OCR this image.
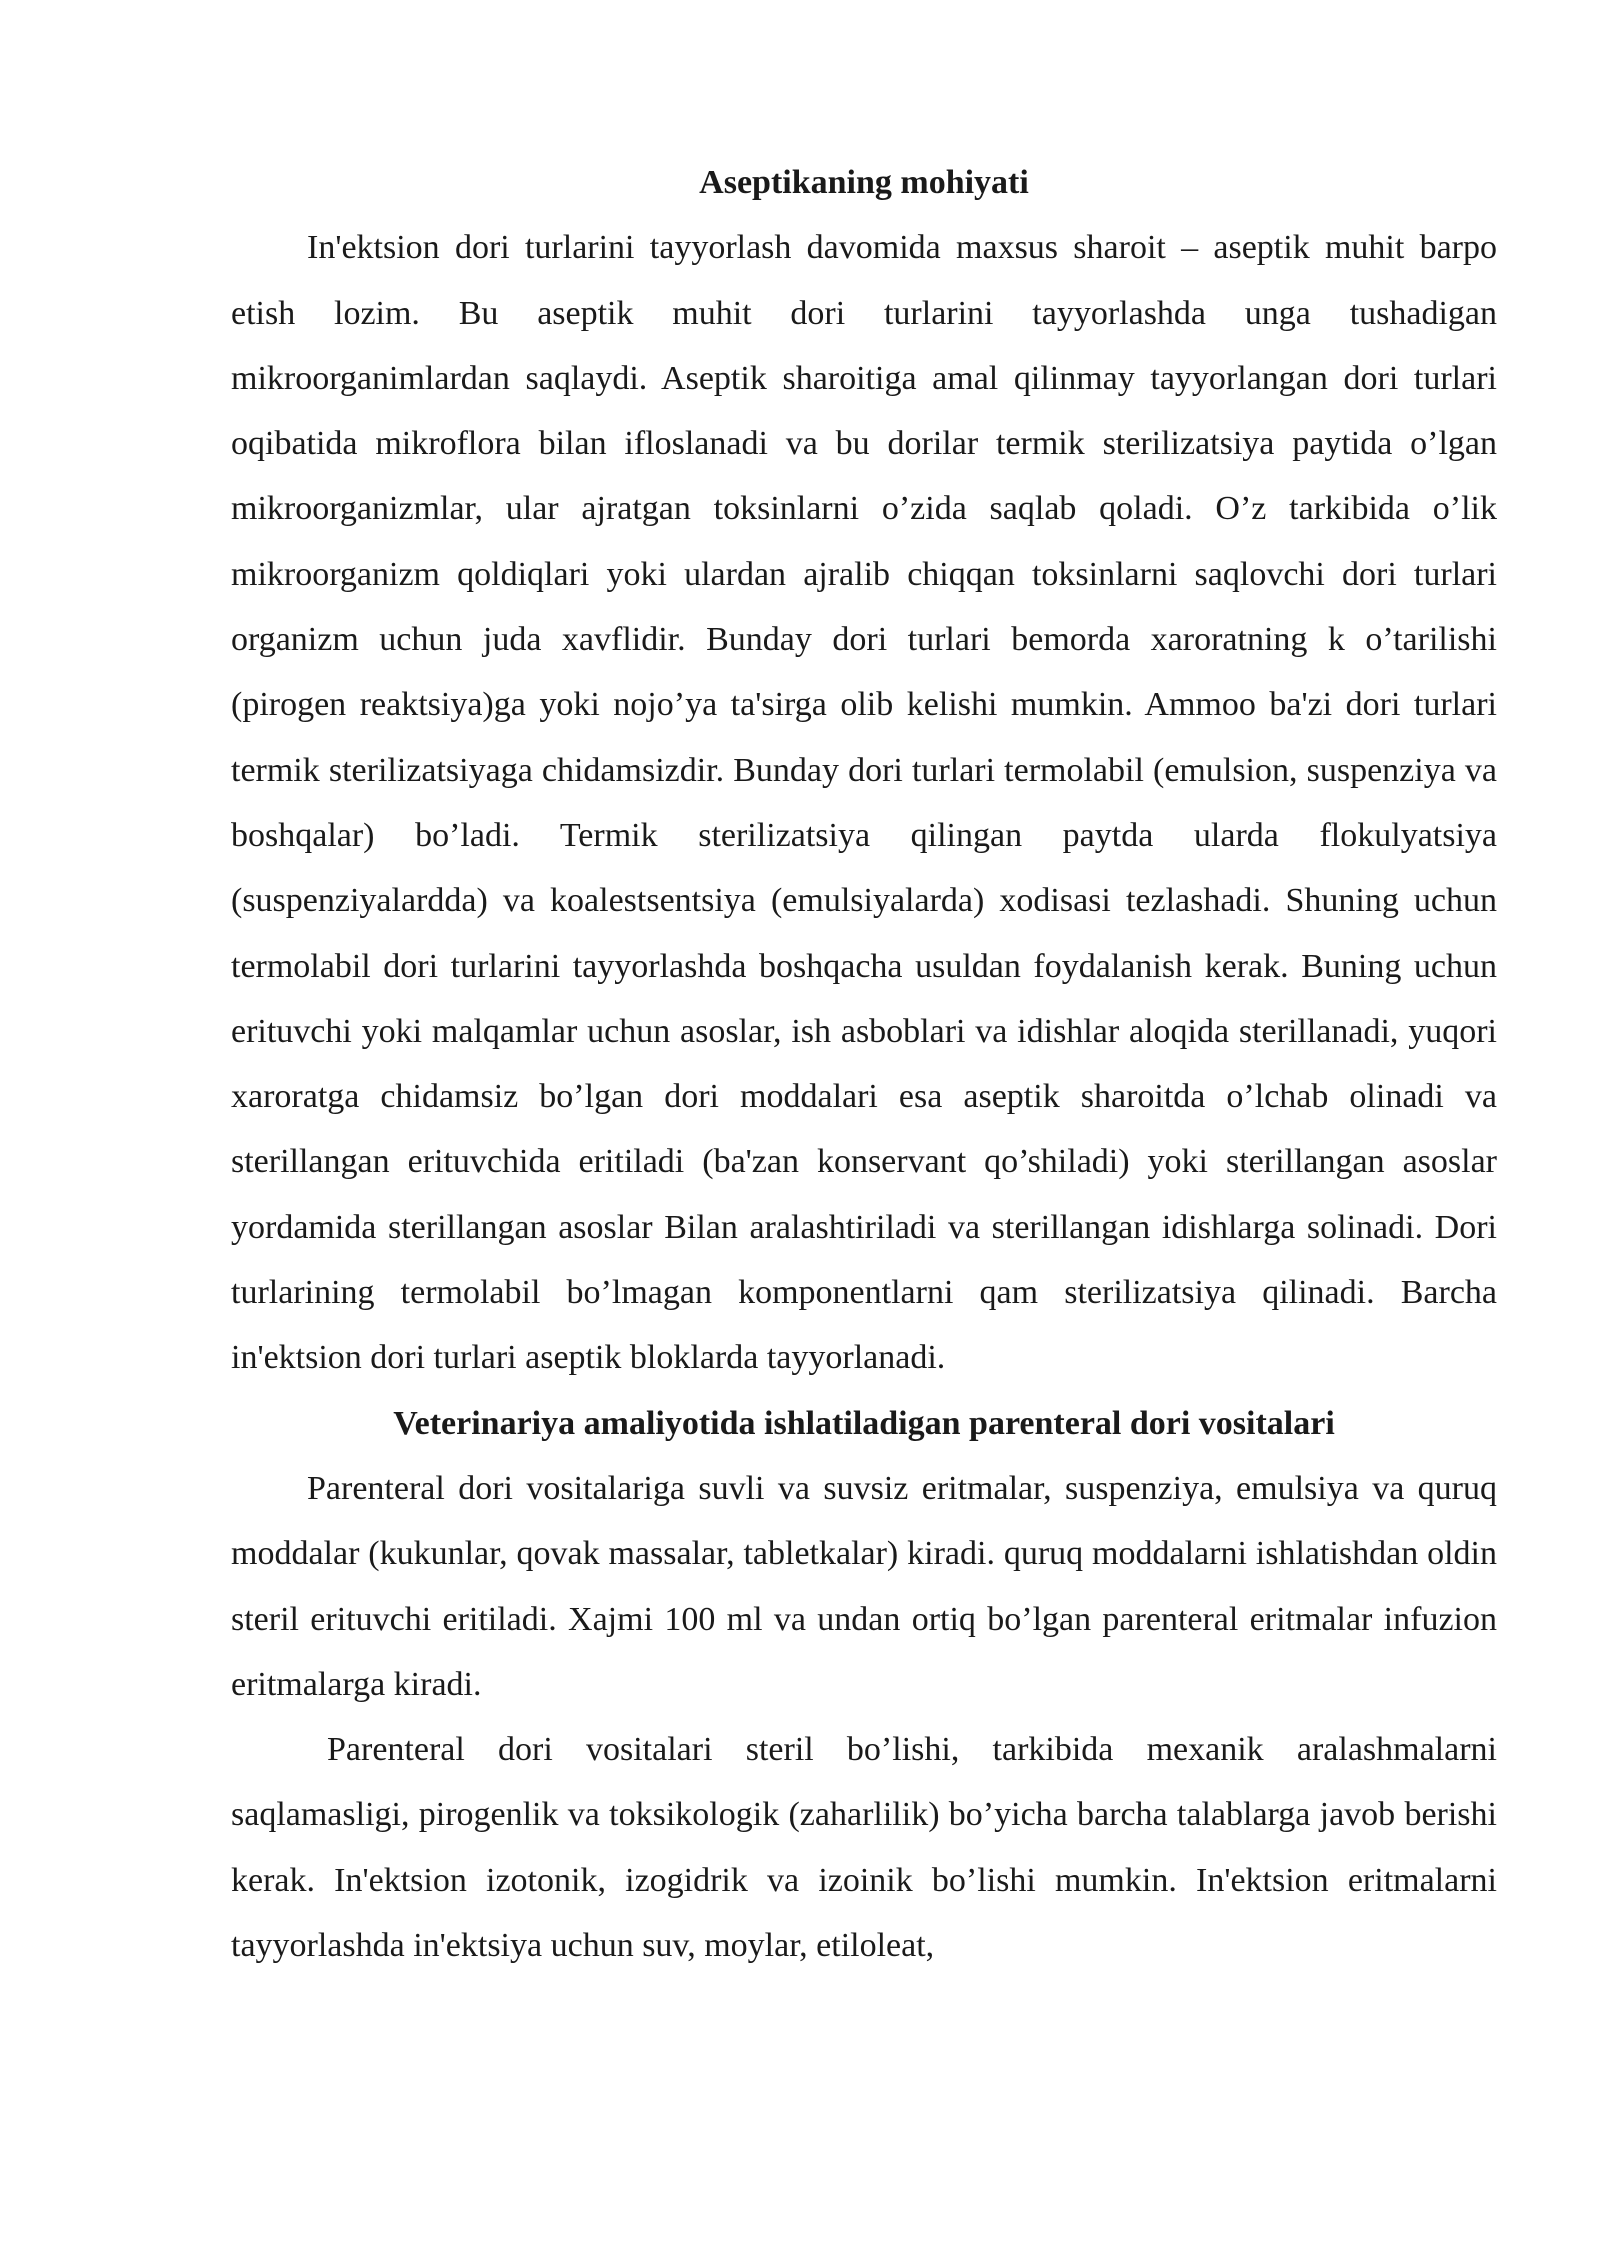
Aseptikaning mohiyati

In'ektsion dori turlarini tayyorlash davomida maxsus sharoit – aseptik muhit barpo etish lozim. Bu aseptik muhit dori turlarini tayyorlashda unga tushadigan mikroorganimlardan saqlaydi. Aseptik sharoitiga amal qilinmay tayyorlangan dori turlari oqibatida mikroflora bilan ifloslanadi va bu dorilar termik sterilizatsiya paytida o’lgan mikroorganizmlar, ular ajratgan toksinlarni o’zida saqlab qoladi. O’z tarkibida o’lik mikroorganizm qoldiqlari yoki ulardan ajralib chiqqan toksinlarni saqlovchi dori turlari organizm uchun juda xavflidir. Bunday dori turlari bemorda xaroratning k o’tarilishi (pirogen reaktsiya)ga yoki nojo’ya ta'sirga olib kelishi mumkin. Ammoo ba'zi dori turlari termik sterilizatsiyaga chidamsizdir. Bunday dori turlari termolabil (emulsion, suspenziya va boshqalar) bo’ladi. Termik sterilizatsiya qilingan paytda ularda flokulyatsiya (suspenziyalardda) va koalestsentsiya (emulsiyalarda) xodisasi tezlashadi. Shuning uchun termolabil dori turlarini tayyorlashda boshqacha usuldan foydalanish kerak. Buning uchun erituvchi yoki malqamlar uchun asoslar, ish asboblari va idishlar aloqida sterillanadi, yuqori xaroratga chidamsiz bo’lgan dori moddalari esa aseptik sharoitda o’lchab olinadi va sterillangan erituvchida eritiladi (ba'zan konservant qo’shiladi) yoki sterillangan asoslar yordamida sterillangan asoslar Bilan aralashtiriladi va sterillangan idishlarga solinadi. Dori turlarining termolabil bo’lmagan komponentlarni qam sterilizatsiya qilinadi. Barcha in'ektsion dori turlari aseptik bloklarda tayyorlanadi.

Veterinariya amaliyotida ishlatiladigan parenteral dori vositalari

Parenteral dori vositalariga suvli va suvsiz eritmalar, suspenziya, emulsiya va quruq moddalar (kukunlar, qovak massalar, tabletkalar) kiradi. quruq moddalarni ishlatishdan oldin steril erituvchi eritiladi. Xajmi 100 ml va undan ortiq bo’lgan parenteral eritmalar infuzion eritmalarga kiradi.

Parenteral dori vositalari steril bo’lishi, tarkibida mexanik aralashmalarni saqlamasligi, pirogenlik va toksikologik (zaharlilik) bo’yicha barcha talablarga javob berishi kerak. In'ektsion izotonik, izogidrik va izoinik bo’lishi mumkin. In'ektsion eritmalarni tayyorlashda in'ektsiya uchun suv, moylar, etiloleat,
